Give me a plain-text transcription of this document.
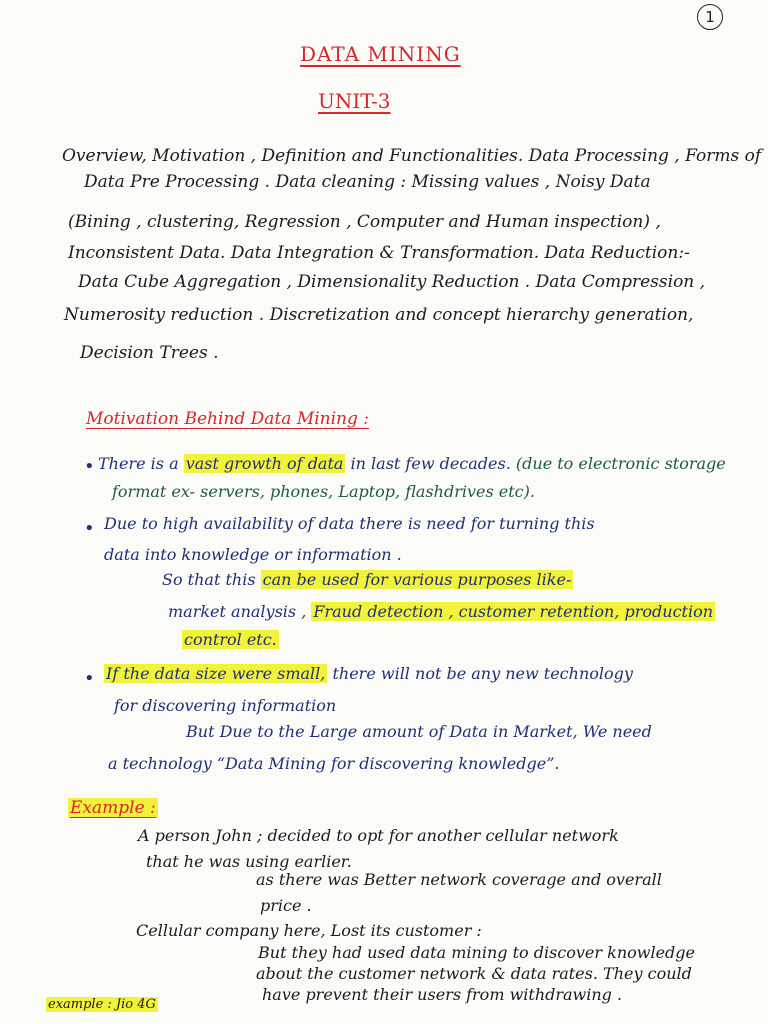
1
DATA MINING
UNIT-3
Overview, Motivation , Definition and Functionalities. Data Processing , Forms of
Data Pre Processing . Data cleaning : Missing values , Noisy Data
(Bining , clustering, Regression , Computer and Human inspection) ,
Inconsistent Data. Data Integration & Transformation. Data Reduction:-
Data Cube Aggregation , Dimensionality Reduction . Data Compression ,
Numerosity reduction . Discretization and concept hierarchy generation,
Decision Trees .
Motivation Behind Data Mining :
• There is a vast growth of data in last few decades. (due to electronic storage
format ex- servers, phones, Laptop, flashdrives etc).
• Due to high availability of data there is need for turning this
data into knowledge or information .
So that this can be used for various purposes like-
market analysis , Fraud detection , customer retention, production
control etc.
• If the data size were small, there will not be any new technology
for discovering information
But Due to the Large amount of Data in Market, We need
a technology “Data Mining for discovering knowledge”.
Example :
A person John ; decided to opt for another cellular network
that he was using earlier.
as there was Better network coverage and overall
price .
Cellular company here, Lost its customer :
But they had used data mining to discover knowledge
about the customer network & data rates. They could
have prevent their users from withdrawing .
example : Jio 4G
